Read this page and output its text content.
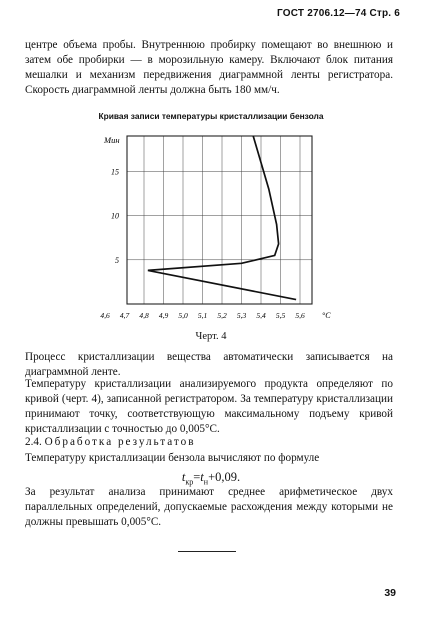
ГОСТ 2706.12—74 Стр. 6

центре объема пробы. Внутреннюю пробирку помещают во внешнюю и затем обе пробирки — в морозильную камеру. Включают блок питания мешалки и механизм передвижения диаграммной ленты регистратора. Скорость диаграммной ленты должна быть 180 мм/ч.

Кривая записи температуры кристаллизации бензола
4,6 4,7 4,8 4,9 5,0 5,1 5,2 5,3 5,4 5,5 5,6
5
10
15
Мин
°С
Черт. 4

Процесс кристаллизации вещества автоматически записывается на диаграммной ленте.

Температуру кристаллизации анализируемого продукта определяют по кривой (черт. 4), записанной регистратором. За температуру кристаллизации принимают точку, соответствующую максимальному подъему кривой кристаллизации с точностью до 0,005°С.

2.4. Обработка результатов

Температуру кристаллизации бензола вычисляют по формуле

$t_{кр}=t_н+0,09$.

За результат анализа принимают среднее арифметическое двух параллельных определений, допускаемые расхождения между которыми не должны превышать 0,005°С.

39
